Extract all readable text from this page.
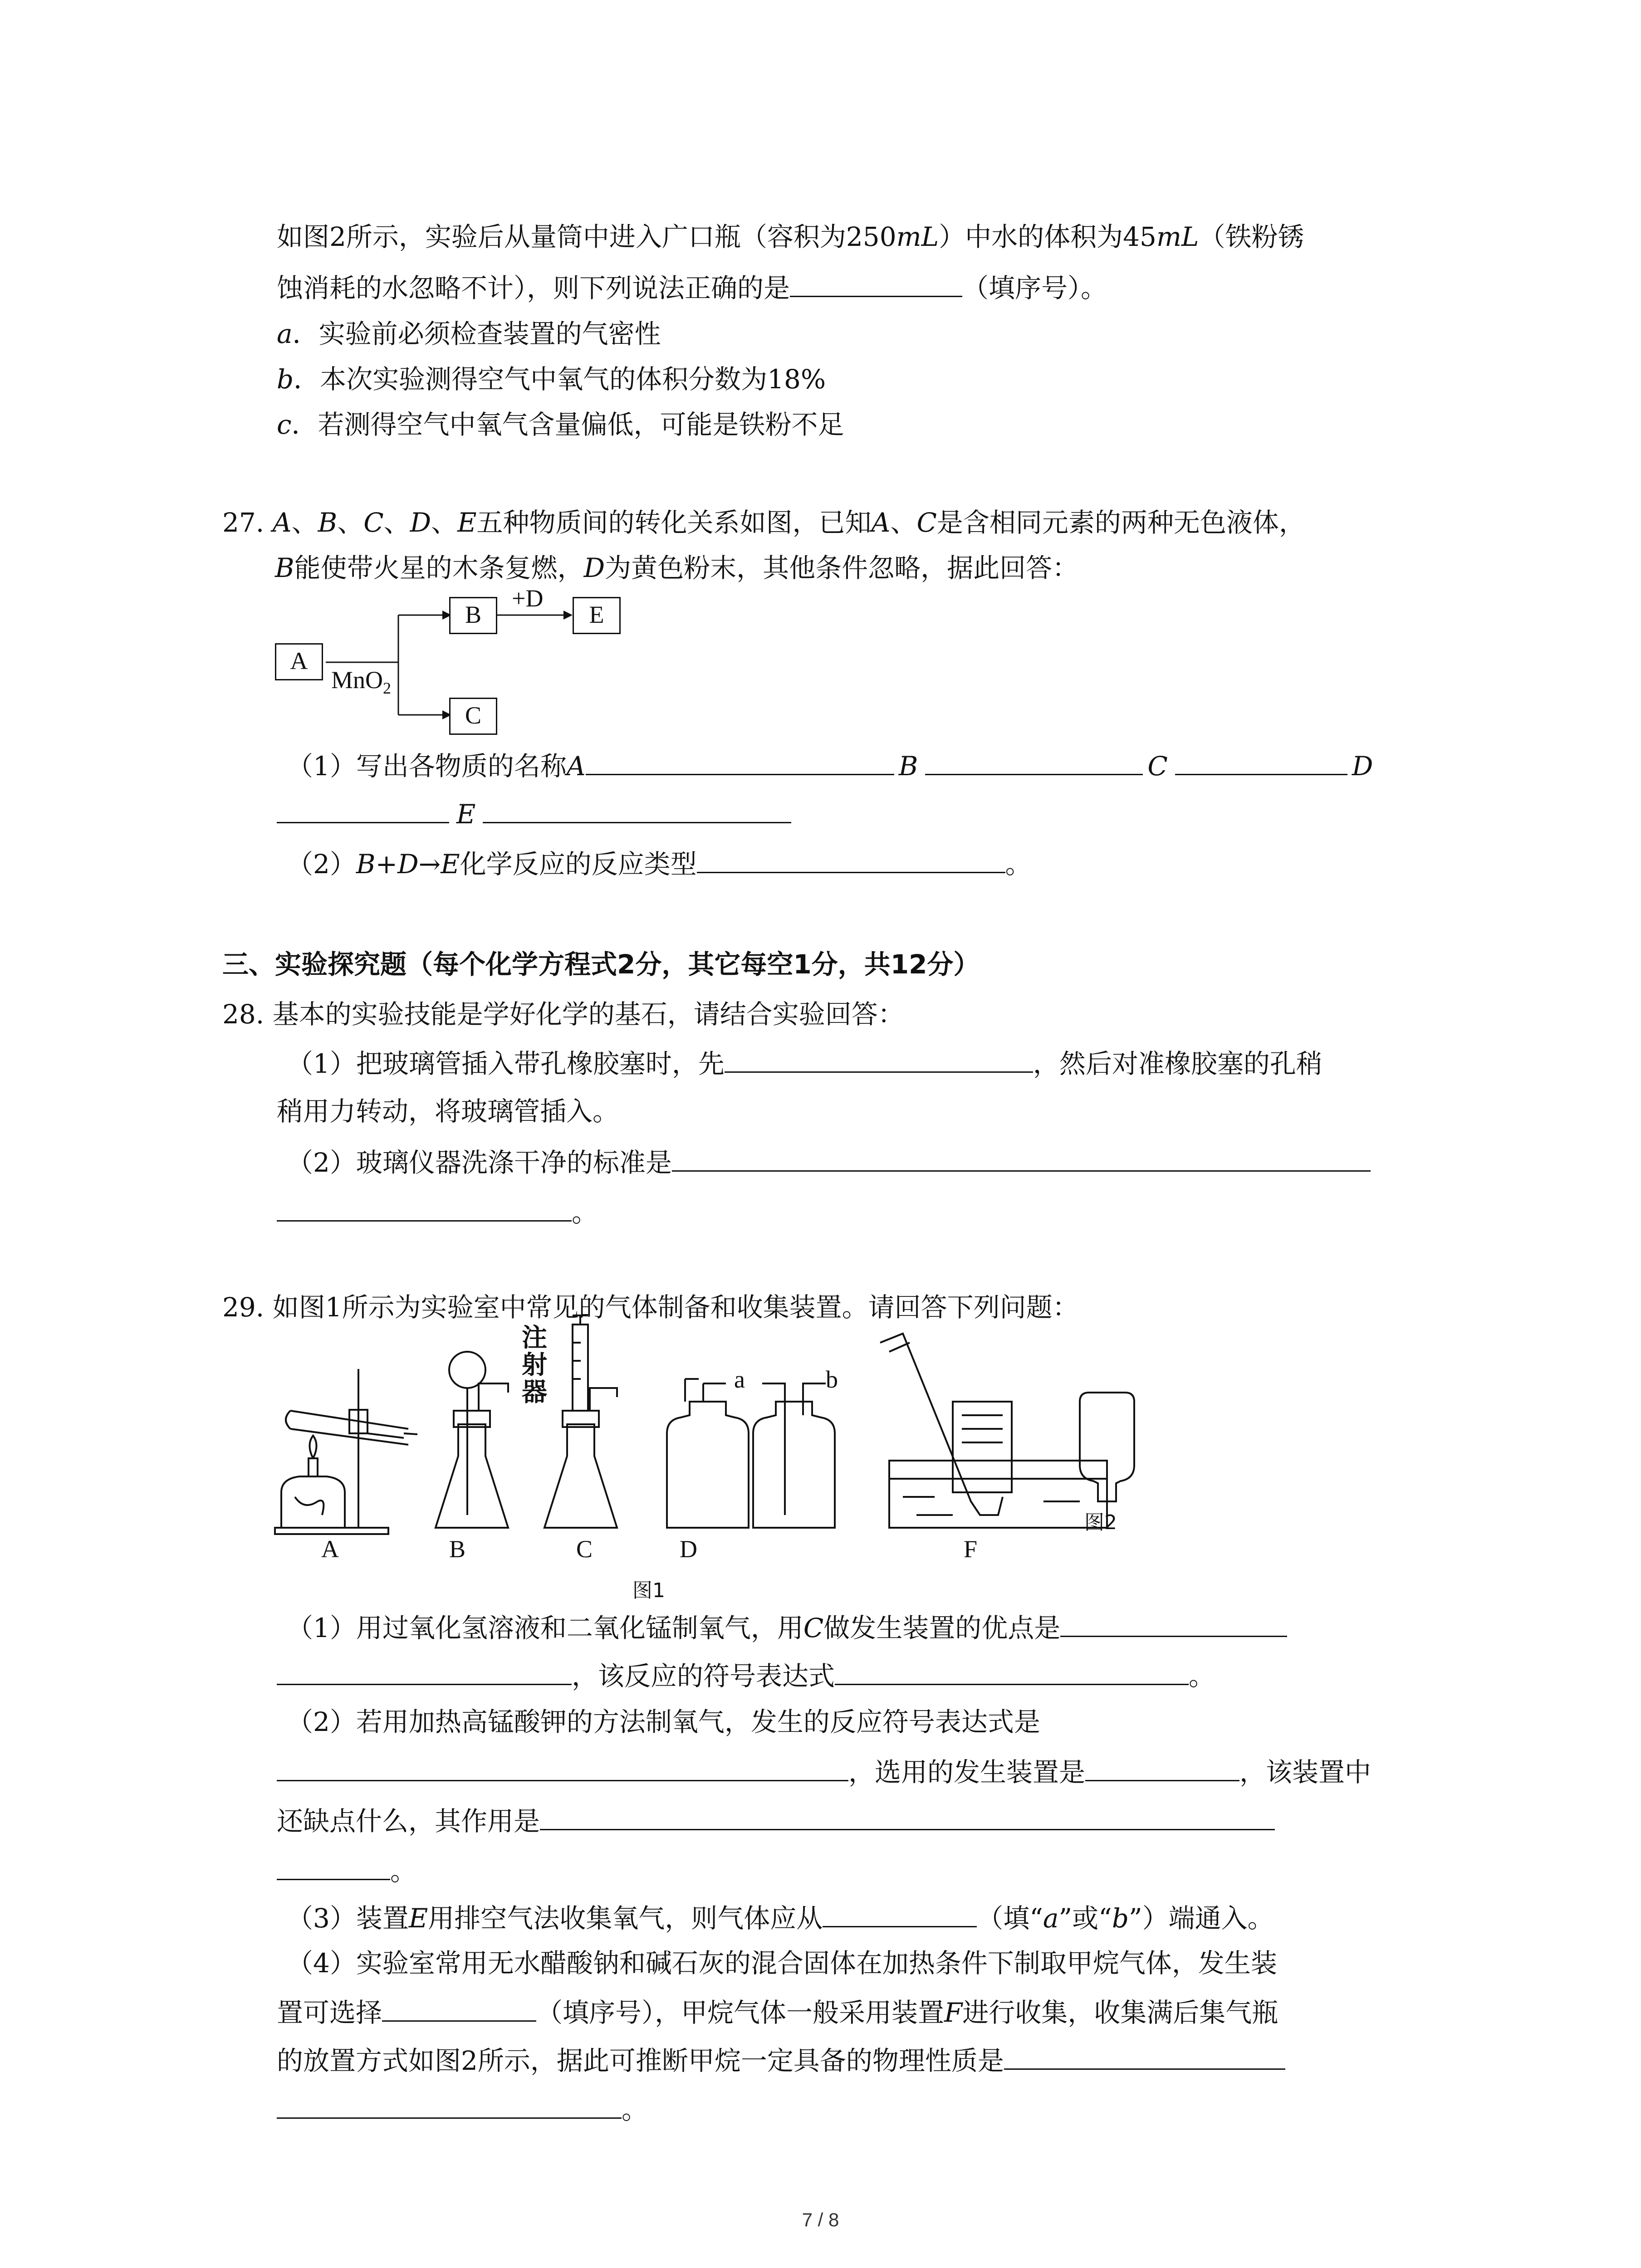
如图2所示，实验后从量筒中进入广口瓶（容积为250mL）中水的体积为45mL（铁粉锈
蚀消耗的水忽略不计），则下列说法正确的是	（填序号）。
a．实验前必须检查装置的气密性
b．本次实验测得空气中氧气的体积分数为18%
c．若测得空气中氧气含量偏低，可能是铁粉不足
27. A、B、C、D、E五种物质间的转化关系如图，已知A、C是含相同元素的两种无色液体，
B能使带火星的木条复燃，D为黄色粉末，其他条件忽略，据此回答：
A
B	E
C
MnO$_2$
+D
（1）写出各物质的名称A	B	C	D
E
（2）B+D→E化学反应的反应类型	。
三、实验探究题（每个化学方程式2分，其它每空1分，共12分）
28. 基本的实验技能是学好化学的基石，请结合实验回答：
（1）把玻璃管插入带孔橡胶塞时，先	，然后对准橡胶塞的孔稍
稍用力转动，将玻璃管插入。
（2）玻璃仪器洗涤干净的标准是
。
29. 如图1所示为实验室中常见的气体制备和收集装置。请回答下列问题：
注
射
器	a	b
A	B	C	D	F
图1
图2
（1）用过氧化氢溶液和二氧化锰制氧气，用C做发生装置的优点是
，该反应的符号表达式	。
（2）若用加热高锰酸钾的方法制氧气，发生的反应符号表达式是
，选用的发生装置是	，该装置中
还缺点什么，其作用是
。
（3）装置E用排空气法收集氧气，则气体应从	（填“a”或“b”）端通入。
（4）实验室常用无水醋酸钠和碱石灰的混合固体在加热条件下制取甲烷气体，发生装
置可选择	（填序号），甲烷气体一般采用装置F进行收集，收集满后集气瓶
的放置方式如图2所示，据此可推断甲烷一定具备的物理性质是
。
7 / 8
